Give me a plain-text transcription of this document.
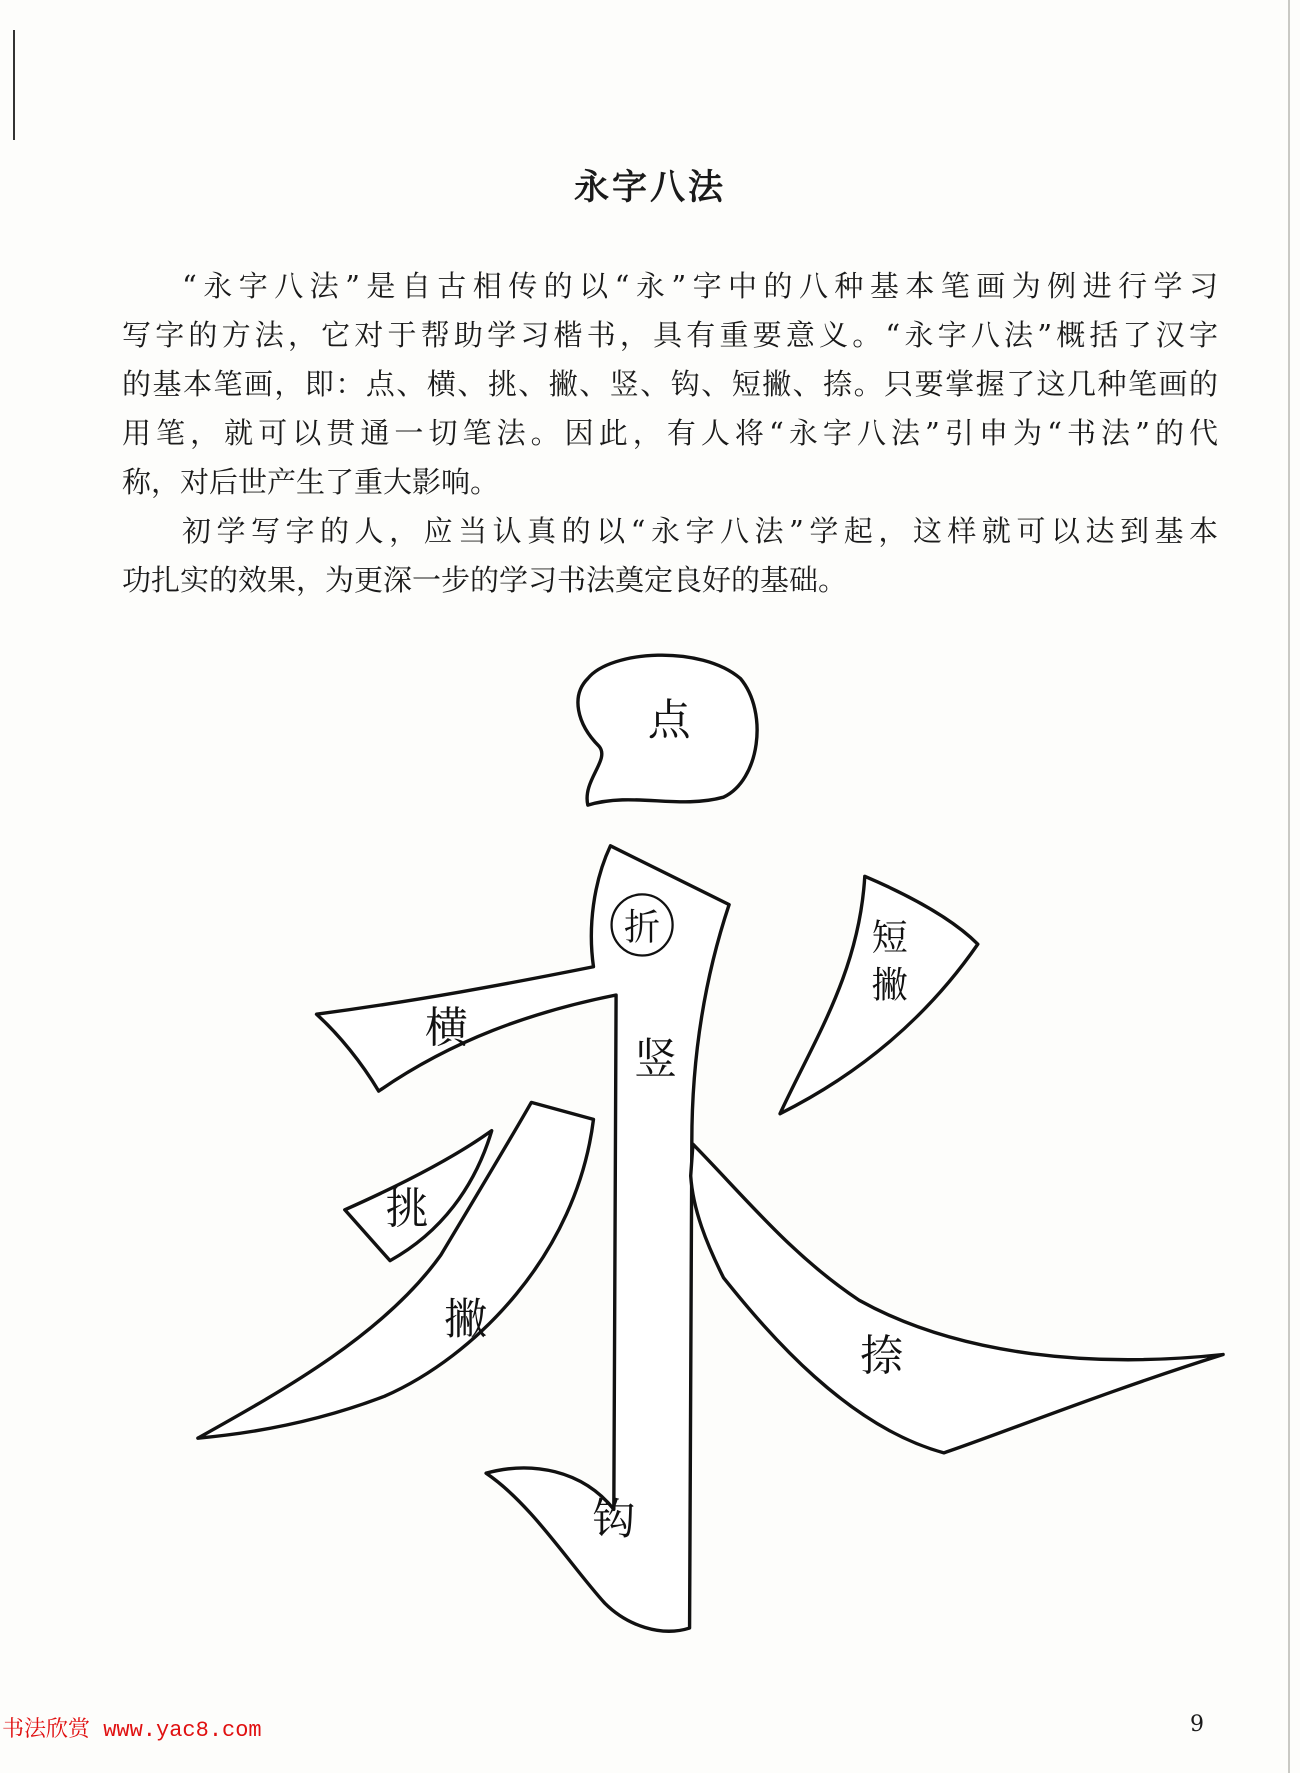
永字八法
“永字八法”是自古相传的以“永”字中的八种基本笔画为例进行学习
写字的方法，它对于帮助学习楷书，具有重要意义。“永字八法”概括了汉字
的基本笔画，即：点、横、挑、撇、竖、钩、短撇、捺。只要掌握了这几种笔画的
用笔，就可以贯通一切笔法。因此，有人将“永字八法”引申为“书法”的代
称，对后世产生了重大影响。
初学写字的人，应当认真的以“永字八法”学起，这样就可以达到基本
功扎实的效果，为更深一步的学习书法奠定良好的基础。
点
折
横
竖
短
撇
挑
撇
捺
钩
书法欣赏 www.yac8.com	9
